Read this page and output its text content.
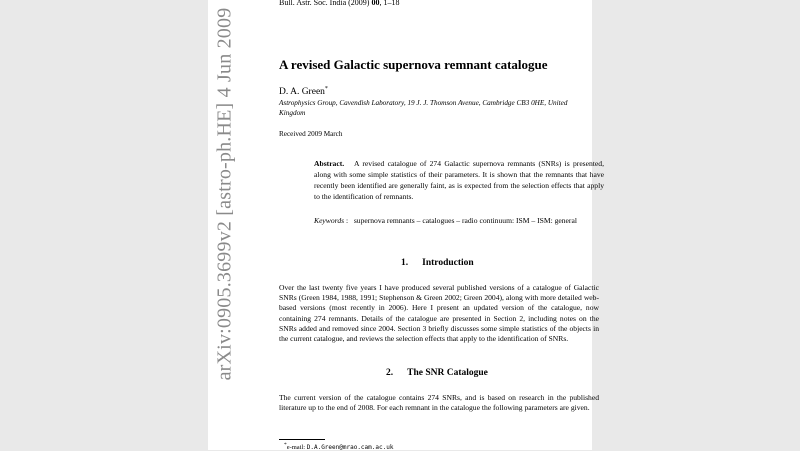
arXiv:0905.3699v2 [astro-ph.HE] 4 Jun 2009
Bull. Astr. Soc. India (2009) 00, 1–18
A revised Galactic supernova remnant catalogue
D. A. Green*
Astrophysics Group, Cavendish Laboratory, 19 J. J. Thomson Avenue, Cambridge CB3 0HE, United Kingdom
Received 2009 March
Abstract. A revised catalogue of 274 Galactic supernova remnants (SNRs) is presented, along with some simple statistics of their parameters. It is shown that the remnants that have recently been identified are generally faint, as is expected from the selection effects that apply to the identification of remnants.
Keywords :   supernova remnants – catalogues – radio continuum: ISM – ISM: general
1. Introduction
Over the last twenty five years I have produced several published versions of a catalogue of Galactic SNRs (Green 1984, 1988, 1991; Stephenson & Green 2002; Green 2004), along with more detailed web-based versions (most recently in 2006). Here I present an updated version of the catalogue, now containing 274 remnants. Details of the catalogue are presented in Section 2, including notes on the SNRs added and removed since 2004. Section 3 briefly discusses some simple statistics of the objects in the current catalogue, and reviews the selection effects that apply to the identification of SNRs.
2. The SNR Catalogue
The current version of the catalogue contains 274 SNRs, and is based on research in the published literature up to the end of 2008. For each remnant in the catalogue the following parameters are given.
*e-mail: D.A.Green@mrao.cam.ac.uk
